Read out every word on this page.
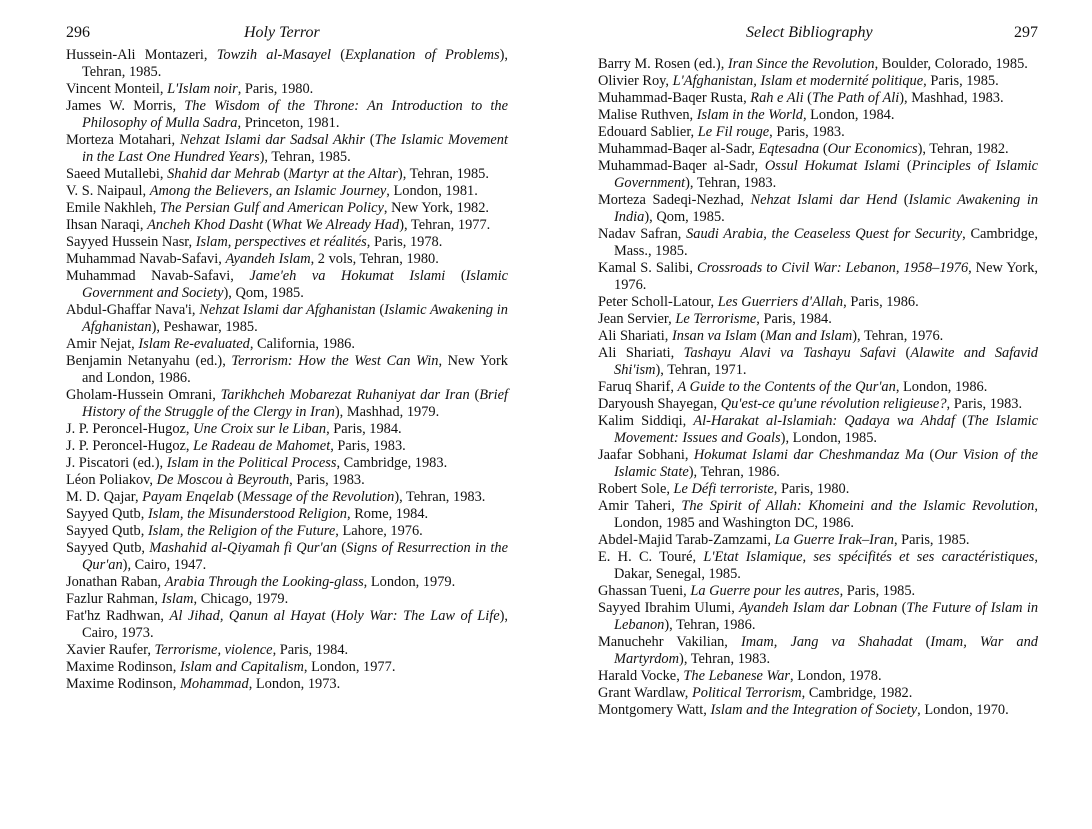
296	Holy Terror
Hussein-Ali Montazeri, Towzih al-Masayel (Explanation of Problems), Tehran, 1985.
Vincent Monteil, L'Islam noir, Paris, 1980.
James W. Morris, The Wisdom of the Throne: An Introduction to the Philosophy of Mulla Sadra, Princeton, 1981.
Morteza Motahari, Nehzat Islami dar Sadsal Akhir (The Islamic Movement in the Last One Hundred Years), Tehran, 1985.
Saeed Mutallebi, Shahid dar Mehrab (Martyr at the Altar), Tehran, 1985.
V. S. Naipaul, Among the Believers, an Islamic Journey, London, 1981.
Emile Nakhleh, The Persian Gulf and American Policy, New York, 1982.
Ihsan Naraqi, Ancheh Khod Dasht (What We Already Had), Tehran, 1977.
Sayyed Hussein Nasr, Islam, perspectives et réalités, Paris, 1978.
Muhammad Navab-Safavi, Ayandeh Islam, 2 vols, Tehran, 1980.
Muhammad Navab-Safavi, Jame'eh va Hokumat Islami (Islamic Government and Society), Qom, 1985.
Abdul-Ghaffar Nava'i, Nehzat Islami dar Afghanistan (Islamic Awakening in Afghanistan), Peshawar, 1985.
Amir Nejat, Islam Re-evaluated, California, 1986.
Benjamin Netanyahu (ed.), Terrorism: How the West Can Win, New York and London, 1986.
Gholam-Hussein Omrani, Tarikhcheh Mobarezat Ruhaniyat dar Iran (Brief History of the Struggle of the Clergy in Iran), Mashhad, 1979.
J. P. Peroncel-Hugoz, Une Croix sur le Liban, Paris, 1984.
J. P. Peroncel-Hugoz, Le Radeau de Mahomet, Paris, 1983.
J. Piscatori (ed.), Islam in the Political Process, Cambridge, 1983.
Léon Poliakov, De Moscou à Beyrouth, Paris, 1983.
M. D. Qajar, Payam Enqelab (Message of the Revolution), Tehran, 1983.
Sayyed Qutb, Islam, the Misunderstood Religion, Rome, 1984.
Sayyed Qutb, Islam, the Religion of the Future, Lahore, 1976.
Sayyed Qutb, Mashahid al-Qiyamah fi Qur'an (Signs of Resurrection in the Qur'an), Cairo, 1947.
Jonathan Raban, Arabia Through the Looking-glass, London, 1979.
Fazlur Rahman, Islam, Chicago, 1979.
Fat'hz Radhwan, Al Jihad, Qanun al Hayat (Holy War: The Law of Life), Cairo, 1973.
Xavier Raufer, Terrorisme, violence, Paris, 1984.
Maxime Rodinson, Islam and Capitalism, London, 1977.
Maxime Rodinson, Mohammad, London, 1973.
Select Bibliography	297
Barry M. Rosen (ed.), Iran Since the Revolution, Boulder, Colorado, 1985.
Olivier Roy, L'Afghanistan, Islam et modernité politique, Paris, 1985.
Muhammad-Baqer Rusta, Rah e Ali (The Path of Ali), Mashhad, 1983.
Malise Ruthven, Islam in the World, London, 1984.
Edouard Sablier, Le Fil rouge, Paris, 1983.
Muhammad-Baqer al-Sadr, Eqtesadna (Our Economics), Tehran, 1982.
Muhammad-Baqer al-Sadr, Ossul Hokumat Islami (Principles of Islamic Government), Tehran, 1983.
Morteza Sadeqi-Nezhad, Nehzat Islami dar Hend (Islamic Awakening in India), Qom, 1985.
Nadav Safran, Saudi Arabia, the Ceaseless Quest for Security, Cambridge, Mass., 1985.
Kamal S. Salibi, Crossroads to Civil War: Lebanon, 1958–1976, New York, 1976.
Peter Scholl-Latour, Les Guerriers d'Allah, Paris, 1986.
Jean Servier, Le Terrorisme, Paris, 1984.
Ali Shariati, Insan va Islam (Man and Islam), Tehran, 1976.
Ali Shariati, Tashayu Alavi va Tashayu Safavi (Alawite and Safavid Shi'ism), Tehran, 1971.
Faruq Sharif, A Guide to the Contents of the Qur'an, London, 1986.
Daryoush Shayegan, Qu'est-ce qu'une révolution religieuse?, Paris, 1983.
Kalim Siddiqi, Al-Harakat al-Islamiah: Qadaya wa Ahdaf (The Islamic Movement: Issues and Goals), London, 1985.
Jaafar Sobhani, Hokumat Islami dar Cheshmandaz Ma (Our Vision of the Islamic State), Tehran, 1986.
Robert Sole, Le Défi terroriste, Paris, 1980.
Amir Taheri, The Spirit of Allah: Khomeini and the Islamic Revolution, London, 1985 and Washington DC, 1986.
Abdel-Majid Tarab-Zamzami, La Guerre Irak–Iran, Paris, 1985.
E. H. C. Touré, L'Etat Islamique, ses spécifités et ses caractéristiques, Dakar, Senegal, 1985.
Ghassan Tueni, La Guerre pour les autres, Paris, 1985.
Sayyed Ibrahim Ulumi, Ayandeh Islam dar Lobnan (The Future of Islam in Lebanon), Tehran, 1986.
Manuchehr Vakilian, Imam, Jang va Shahadat (Imam, War and Martyrdom), Tehran, 1983.
Harald Vocke, The Lebanese War, London, 1978.
Grant Wardlaw, Political Terrorism, Cambridge, 1982.
Montgomery Watt, Islam and the Integration of Society, London, 1970.
